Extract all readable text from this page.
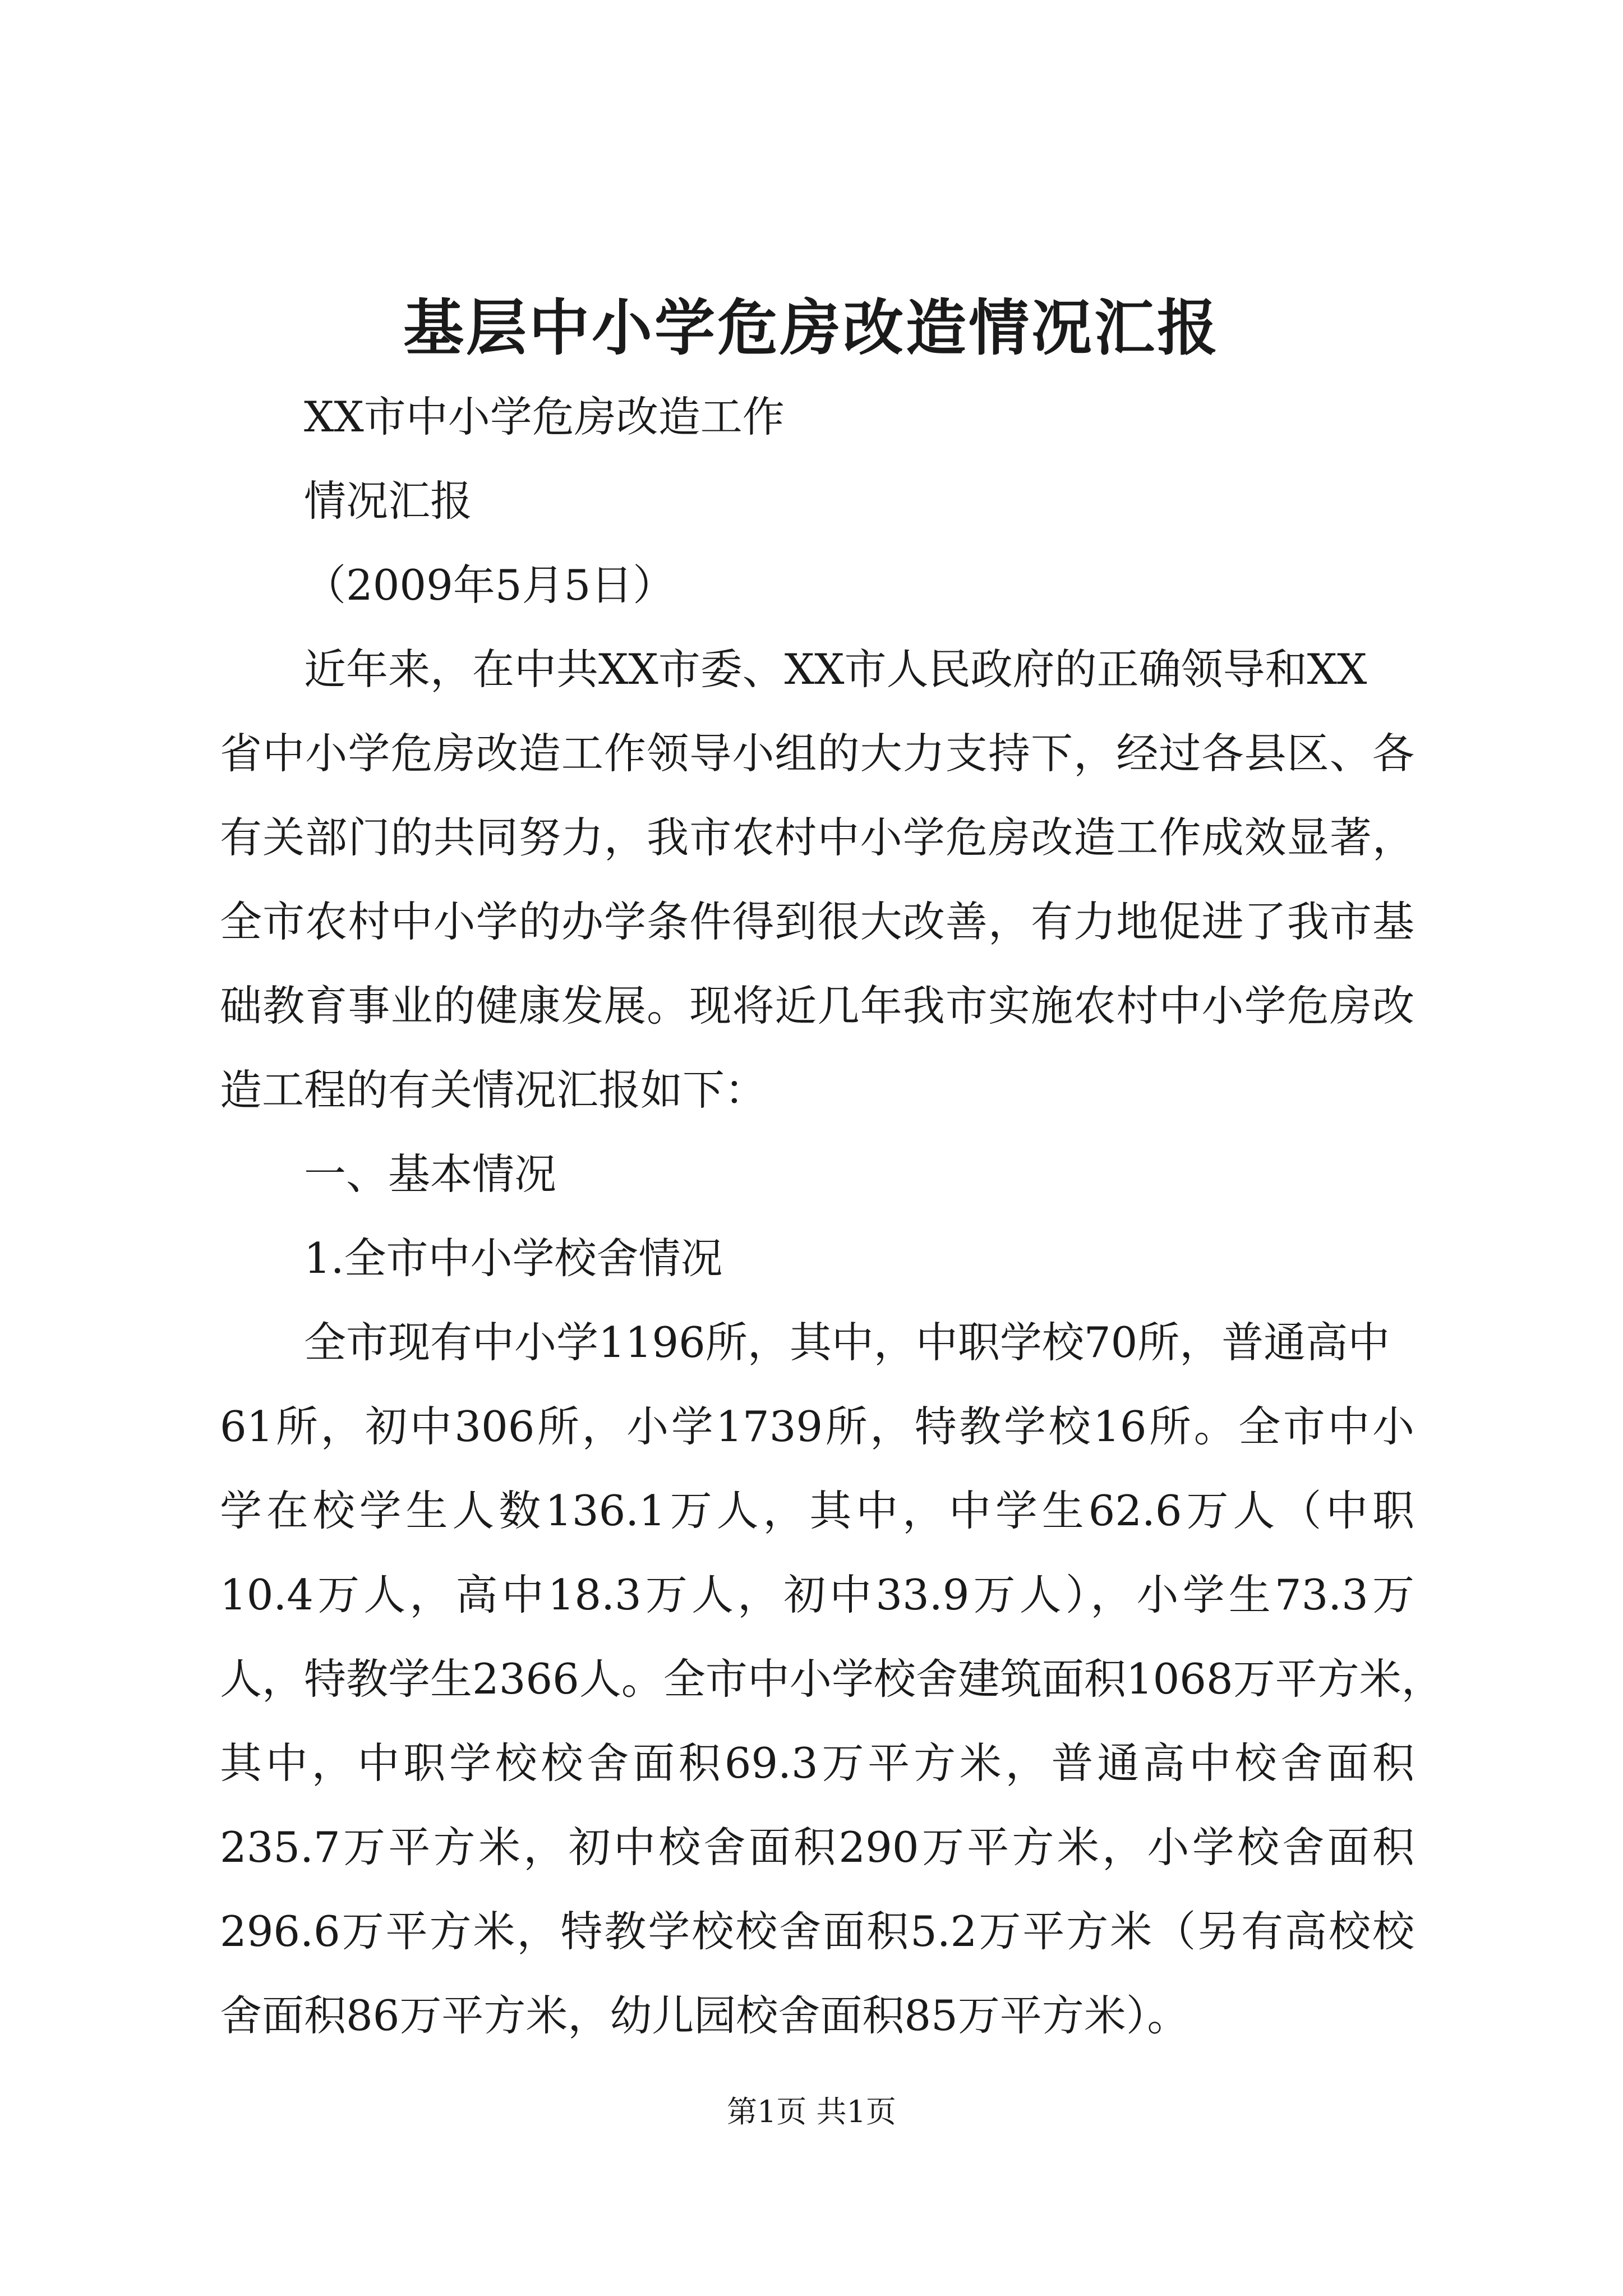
基层中小学危房改造情况汇报
XX市中小学危房改造工作
情况汇报
（2009年5月5日）
近年来，在中共XX市委、XX市人民政府的正确领导和XX
省中小学危房改造工作领导小组的大力支持下，经过各县区、各
有关部门的共同努力，我市农村中小学危房改造工作成效显著，
全市农村中小学的办学条件得到很大改善，有力地促进了我市基
础教育事业的健康发展。现将近几年我市实施农村中小学危房改
造工程的有关情况汇报如下：
一、基本情况
1.全市中小学校舍情况
全市现有中小学1196所，其中，中职学校70所，普通高中
61所，初中306所，小学1739所，特教学校16所。全市中小
学在校学生人数136.1万人，其中，中学生62.6万人（中职
10.4万人，高中18.3万人，初中33.9万人），小学生73.3万
人，特教学生2366人。全市中小学校舍建筑面积1068万平方米，
其中，中职学校校舍面积69.3万平方米，普通高中校舍面积
235.7万平方米，初中校舍面积290万平方米，小学校舍面积
296.6万平方米，特教学校校舍面积5.2万平方米（另有高校校
舍面积86万平方米，幼儿园校舍面积85万平方米）。
第1页 共1页
